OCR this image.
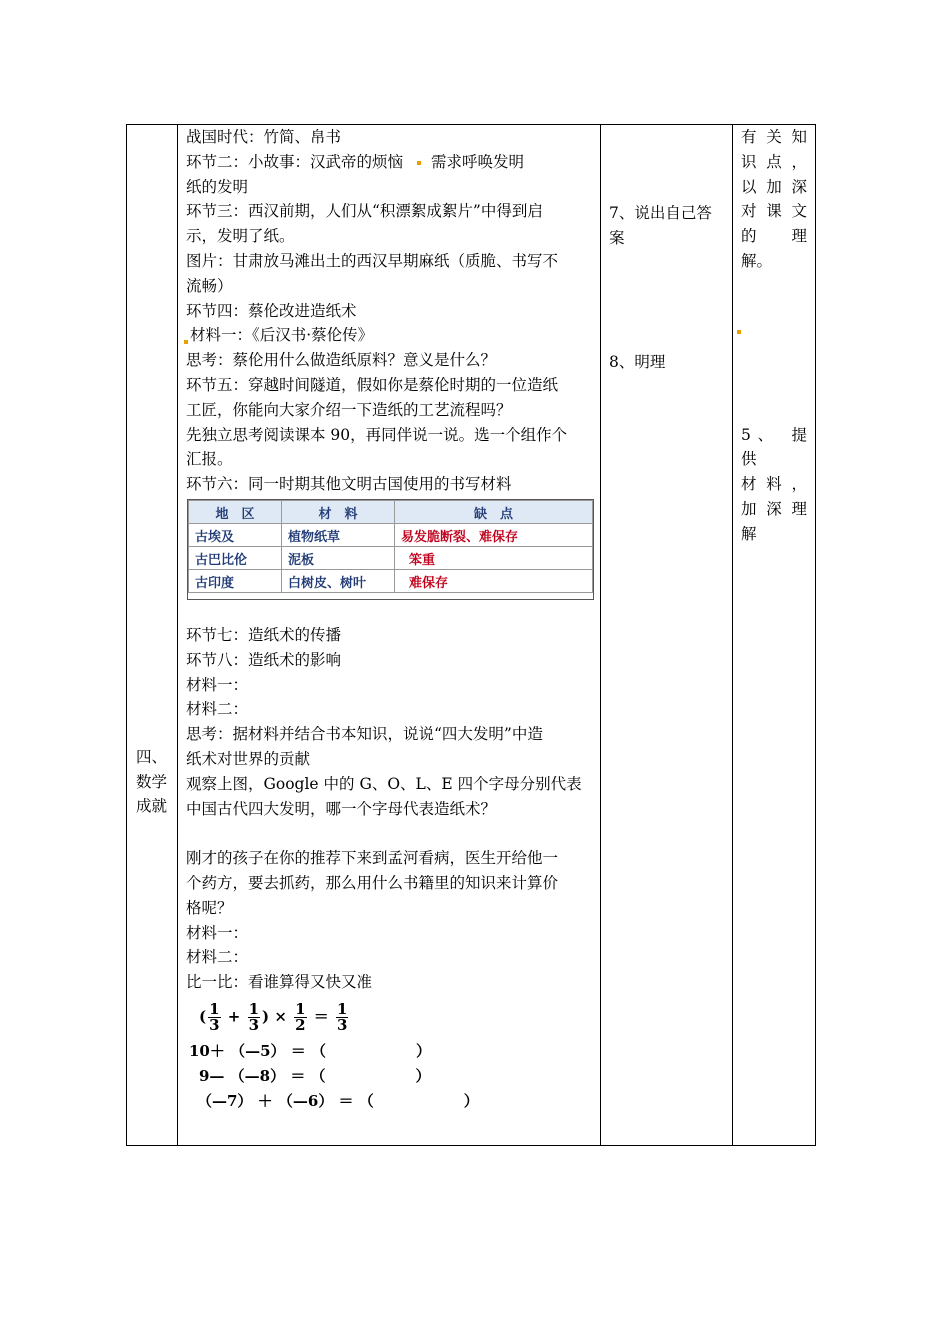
四、
数学
成就
战国时代：竹简、帛书
环节二：小故事：汉武帝的烦恼 需求呼唤发明
纸的发明
环节三：西汉前期，人们从“积漂絮成絮片”中得到启
示，发明了纸。
图片：甘肃放马滩出土的西汉早期麻纸（质脆、书写不
流畅）
环节四：蔡伦改进造纸术
材料一：《后汉书·蔡伦传》
思考：蔡伦用什么做造纸原料？意义是什么？
环节五：穿越时间隧道，假如你是蔡伦时期的一位造纸
工匠，你能向大家介绍一下造纸的工艺流程吗？
先独立思考阅读课本 90，再同伴说一说。选一个组作个
汇报。
环节六：同一时期其他文明古国使用的书写材料
地　区	材　料	缺　点
古埃及	植物纸草	易发脆断裂、难保存
古巴比伦	泥板	笨重
古印度	白树皮、树叶	难保存
环节七：造纸术的传播
环节八：造纸术的影响
材料一：
材料二：
思考：据材料并结合书本知识，说说“四大发明”中造
纸术对世界的贡献
观察上图，Google 中的 G、O、L、E 四个字母分别代表
中国古代四大发明，哪一个字母代表造纸术？

刚才的孩子在你的推荐下来到孟河看病，医生开给他一
个药方，要去抓药，那么用什么书籍里的知识来计算价
格呢？
材料一：
材料二：
比一比：看谁算得又快又准
( $\frac{1}{3} + \frac{1}{3}$ ) × $\frac{1}{2} = \frac{1}{3}$
10＋ （—5） ＝ （　　　　　　）
9— （—8） ＝ （　　　　　　）
（—7） ＋ （—6） ＝ （　　　　　　）
7、说出自己答
案

8、明理
有 关 知
识 点 ，
以 加 深
对 课 文
的 理
解。

5、 提 供
材 料 ，
加 深 理
解
